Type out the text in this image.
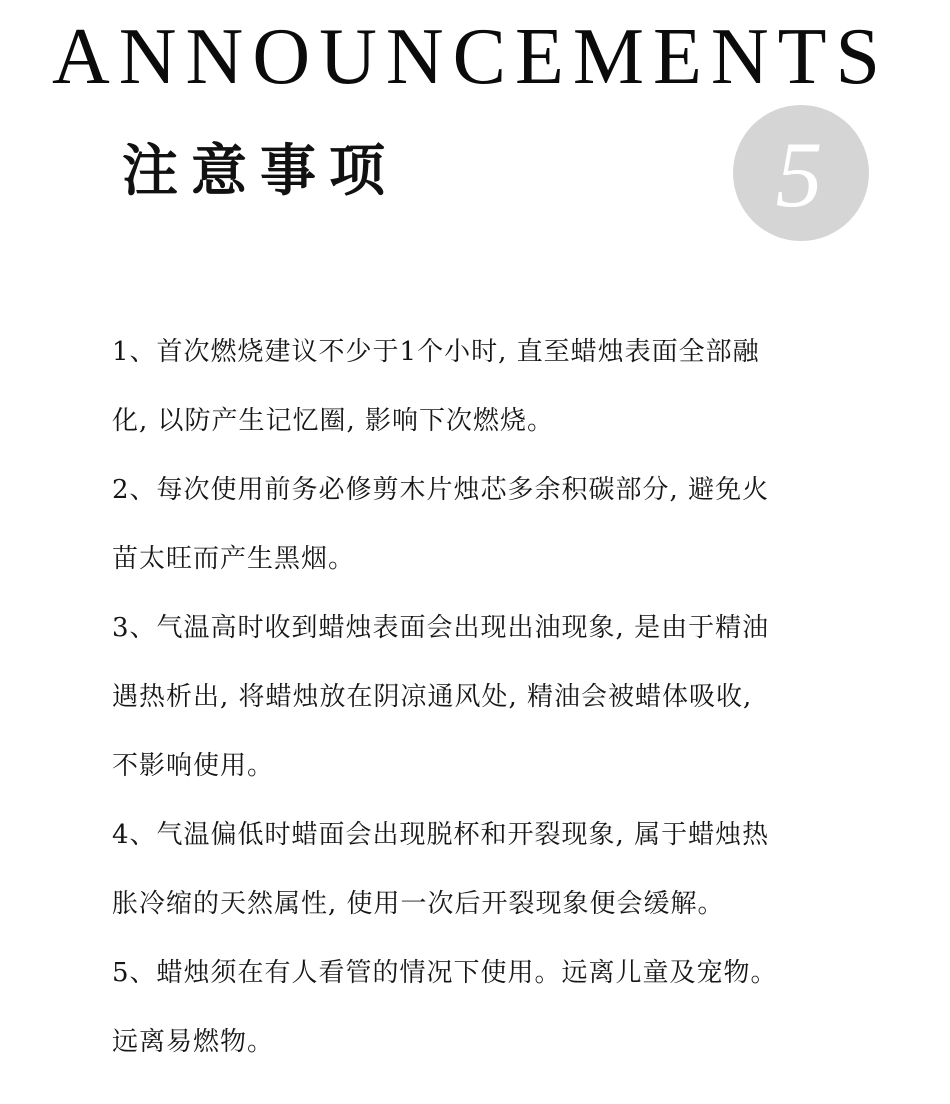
ANNOUNCEMENTS
注意事项	5
1、首次燃烧建议不少于1个小时, 直至蜡烛表面全部融
化, 以防产生记忆圈, 影响下次燃烧。
2、每次使用前务必修剪木片烛芯多余积碳部分, 避免火
苗太旺而产生黑烟。
3、气温高时收到蜡烛表面会出现出油现象, 是由于精油
遇热析出, 将蜡烛放在阴凉通风处, 精油会被蜡体吸收,
不影响使用。
4、气温偏低时蜡面会出现脱杯和开裂现象, 属于蜡烛热
胀冷缩的天然属性, 使用一次后开裂现象便会缓解。
5、蜡烛须在有人看管的情况下使用。远离儿童及宠物。
远离易燃物。
